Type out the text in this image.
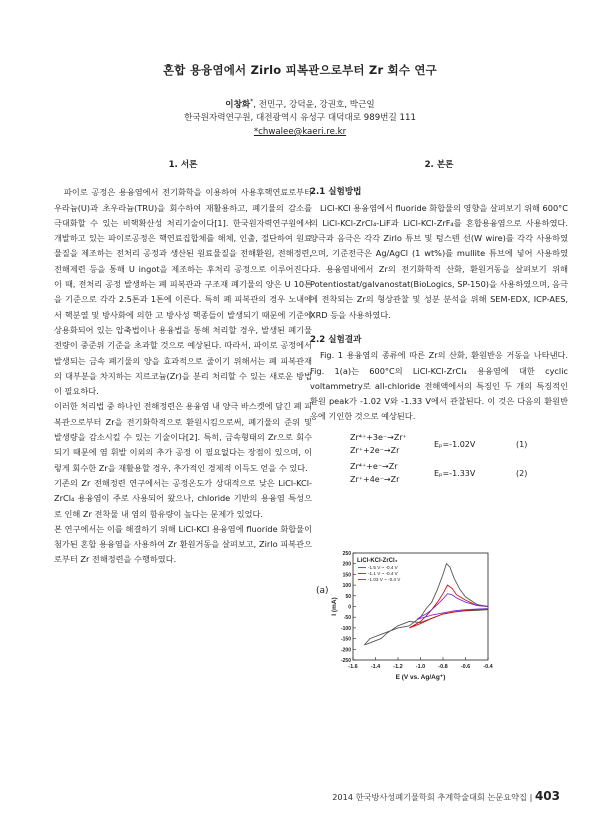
혼합 용융염에서 Zirlo 피복관으로부터 Zr 회수 연구
이창화*, 전민구, 강덕윤, 강권호, 박근일
한국원자력연구원, 대전광역시 유성구 대덕대로 989번길 111
*chwalee@kaeri.re.kr
1. 서론

파이로 공정은 용융염에서 전기화학을 이용하여 사용후핵연료로부터 우라늄(U)과 초우라늄(TRU)을 회수하여 재활용하고, 폐기물의 감소를 극대화할 수 있는 비핵확산성 처리기술이다[1]. 한국원자력연구원에서 개발하고 있는 파이로공정은 핵연료집합체를 해체, 인출, 절단하여 원료물질을 제조하는 전처리 공정과 생산된 원료물질을 전해환원, 전해정련, 전해제련 등을 통해 U ingot을 제조하는 후처리 공정으로 이루어진다. 이 때, 전처리 공정 발생하는 폐 피복관과 구조재 폐기물의 양은 U 10톤을 기준으로 각각 2.5톤과 1톤에 이른다. 특히 폐 피복관의 경우 노내에서 핵분열 및 방사화에 의한 고 방사성 핵종들이 발생되기 때문에 기준에 상용화되어 있는 압축법이나 용융법을 통해 처리할 경우, 발생된 폐기물 전량이 중준위 기준을 초과할 것으로 예상된다. 따라서, 파이로 공정에서 발생되는 금속 폐기물의 양을 효과적으로 줄이기 위해서는 폐 피복관재의 대부분을 차지하는 지르코늄(Zr)을 분리 처리할 수 있는 새로운 방법이 필요하다.

이러한 처리법 중 하나인 전해정련은 용융염 내 양극 바스켓에 담긴 폐 피복관으로부터 Zr을 전기화학적으로 환원시킴으로써, 폐기물의 준위 및 발생량을 감소시킬 수 있는 기술이다[2]. 특히, 금속형태의 Zr으로 회수되기 때문에 염 휘발 이외의 추가 공정 이 필요없다는 장점이 있으며, 이렇게 회수한 Zr을 재활용할 경우, 추가적인 경제적 이득도 얻을 수 있다.

기존의 Zr 전해정련 연구에서는 공정온도가 상대적으로 낮은 LiCl-KCl-ZrCl₄ 용융염이 주로 사용되어 왔으나, chloride 기반의 용융염 특성으로 인해 Zr 전착물 내 염의 함유량이 높다는 문제가 있었다.

본 연구에서는 이를 해결하기 위해 LiCl-KCl 용융염에 fluoride 화합물이 첨가된 혼합 용융염을 사용하여 Zr 환원거동을 살펴보고, Zirlo 피복관으로부터 Zr 전해정련을 수행하였다.

2. 본론
2.1 실험방법

LiCl-KCl 용융염에서 fluoride 화합물의 영향을 살펴보기 위해 600°C의 LiCl-KCl-ZrCl₄-LiF과 LiCl-KCl-ZrF₄를 혼합용융염으로 사용하였다. 양극과 음극은 각각 Zirlo 튜브 및 텅스텐 선(W wire)를 각각 사용하였으며, 기준전극은 Ag/AgCl (1 wt%)를 mullite 튜브에 넣어 사용하였다. 용융염내에서 Zr의 전기화학적 산화, 환원거동을 살펴보기 위해 Potentiostat/galvanostat(BioLogics, SP-150)을 사용하였으며, 음극에 전착되는 Zr의 형상관찰 및 성분 분석을 위해 SEM-EDX, ICP-AES, XRD 등을 사용하였다.

2.2 실험결과

Fig. 1 용융염의 종류에 따른 Zr의 산화, 환원반응 거동을 나타낸다. Fig. 1(a)는 600°C의 LiCl-KCl-ZrCl₄ 용융염에 대한 cyclic voltammetry로 all-chloride 전해액에서의 특징인 두 개의 특징적인 환원 peak가 -1.02 V와 -1.33 V에서 관찰된다. 이 것은 다음의 환원반응에 기인한 것으로 예상된다.

Zr⁴⁺+3e⁻→Zr⁺
Zr⁺+2e⁻→Zr
Eₚ=-1.02V	(1)
Zr⁴⁺+e⁻→Zr
Zr⁺+4e⁻→Zr
Eₚ=-1.33V	(2)
(a)
-1.6 -1.4 -1.2 -1.0 -0.8 -0.6 -0.4
250
200
150
100
50
0
-50
-100
-150
-200
-250
E (V vs. Ag/Ag⁺)
I (mA)
LiCl-KCl-ZrCl₄
-1.5 V ~ -0.4 V
-1.1 V ~ -0.4 V
-1.03 V ~ -0.4 V
2014 한국방사성폐기물학회 추계학술대회 논문요약집 | 403
